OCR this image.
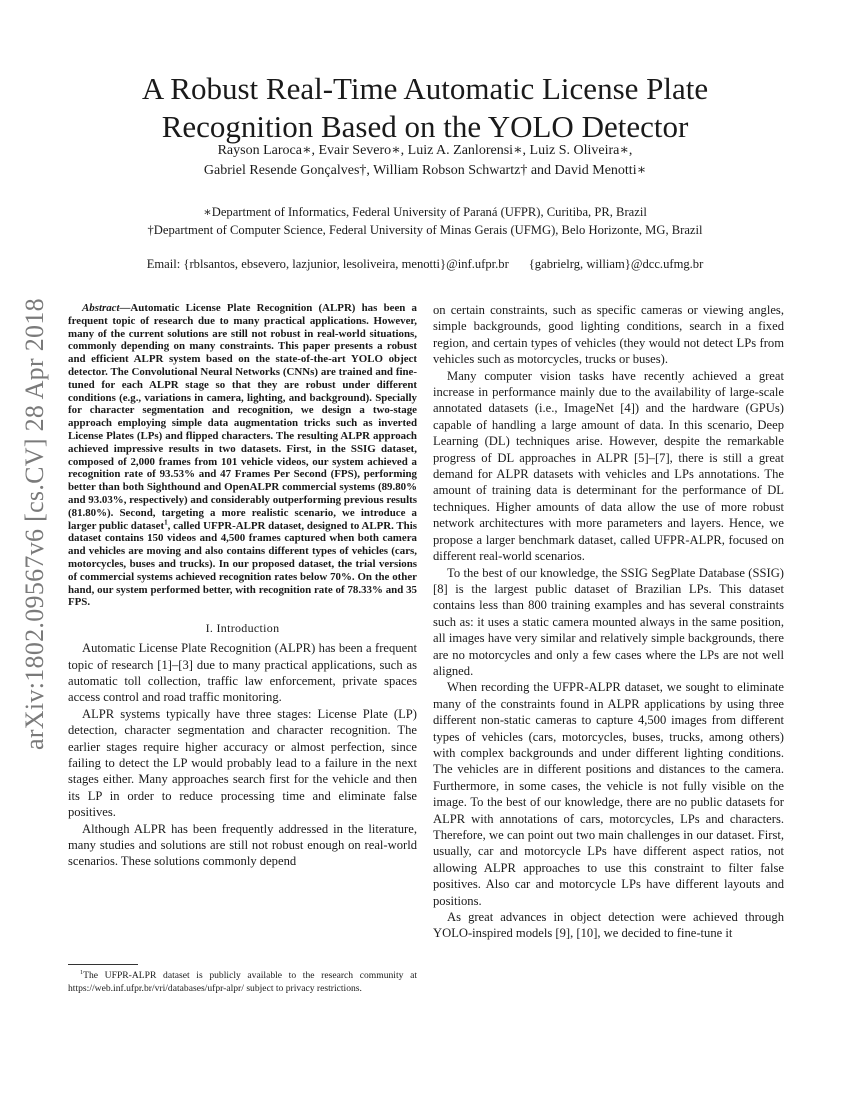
A Robust Real-Time Automatic License Plate
Recognition Based on the YOLO Detector
Rayson Laroca∗, Evair Severo∗, Luiz A. Zanlorensi∗, Luiz S. Oliveira∗,
Gabriel Resende Gonçalves†, William Robson Schwartz† and David Menotti∗
∗Department of Informatics, Federal University of Paraná (UFPR), Curitiba, PR, Brazil
†Department of Computer Science, Federal University of Minas Gerais (UFMG), Belo Horizonte, MG, Brazil
Email: {rblsantos, ebsevero, lazjunior, lesoliveira, menotti}@inf.ufpr.br {gabrielrg, william}@dcc.ufmg.br
arXiv:1802.09567v6 [cs.CV] 28 Apr 2018	Abstract—Automatic License Plate Recognition (ALPR) has been a frequent topic of research due to many practical applications. However, many of the current solutions are still not robust in real-world situations, commonly depending on many constraints. This paper presents a robust and efficient ALPR system based on the state-of-the-art YOLO object detector. The Convolutional Neural Networks (CNNs) are trained and fine-tuned for each ALPR stage so that they are robust under different conditions (e.g., variations in camera, lighting, and background). Specially for character segmentation and recognition, we design a two-stage approach employing simple data augmentation tricks such as inverted License Plates (LPs) and flipped characters. The resulting ALPR approach achieved impressive results in two datasets. First, in the SSIG dataset, composed of 2,000 frames from 101 vehicle videos, our system achieved a recognition rate of 93.53% and 47 Frames Per Second (FPS), performing better than both Sighthound and OpenALPR commercial systems (89.80% and 93.03%, respectively) and considerably outperforming previous results (81.80%). Second, targeting a more realistic scenario, we introduce a larger public dataset$^1$, called UFPR-ALPR dataset, designed to ALPR. This dataset contains 150 videos and 4,500 frames captured when both camera and vehicles are moving and also contains different types of vehicles (cars, motorcycles, buses and trucks). In our proposed dataset, the trial versions of commercial systems achieved recognition rates below 70%. On the other hand, our system performed better, with recognition rate of 78.33% and 35 FPS.

I. Introduction

Automatic License Plate Recognition (ALPR) has been a frequent topic of research [1]–[3] due to many practical applications, such as automatic toll collection, traffic law enforcement, private spaces access control and road traffic monitoring.

ALPR systems typically have three stages: License Plate (LP) detection, character segmentation and character recognition. The earlier stages require higher accuracy or almost perfection, since failing to detect the LP would probably lead to a failure in the next stages either. Many approaches search first for the vehicle and then its LP in order to reduce processing time and eliminate false positives.

Although ALPR has been frequently addressed in the literature, many studies and solutions are still not robust enough on real-world scenarios. These solutions commonly depend

$^1$The UFPR-ALPR dataset is publicly available to the research community at https://web.inf.ufpr.br/vri/databases/ufpr-alpr/ subject to privacy restrictions.

on certain constraints, such as specific cameras or viewing angles, simple backgrounds, good lighting conditions, search in a fixed region, and certain types of vehicles (they would not detect LPs from vehicles such as motorcycles, trucks or buses).

Many computer vision tasks have recently achieved a great increase in performance mainly due to the availability of large-scale annotated datasets (i.e., ImageNet [4]) and the hardware (GPUs) capable of handling a large amount of data. In this scenario, Deep Learning (DL) techniques arise. However, despite the remarkable progress of DL approaches in ALPR [5]–[7], there is still a great demand for ALPR datasets with vehicles and LPs annotations. The amount of training data is determinant for the performance of DL techniques. Higher amounts of data allow the use of more robust network architectures with more parameters and layers. Hence, we propose a larger benchmark dataset, called UFPR-ALPR, focused on different real-world scenarios.

To the best of our knowledge, the SSIG SegPlate Database (SSIG) [8] is the largest public dataset of Brazilian LPs. This dataset contains less than 800 training examples and has several constraints such as: it uses a static camera mounted always in the same position, all images have very similar and relatively simple backgrounds, there are no motorcycles and only a few cases where the LPs are not well aligned.

When recording the UFPR-ALPR dataset, we sought to eliminate many of the constraints found in ALPR applications by using three different non-static cameras to capture 4,500 images from different types of vehicles (cars, motorcycles, buses, trucks, among others) with complex backgrounds and under different lighting conditions. The vehicles are in different positions and distances to the camera. Furthermore, in some cases, the vehicle is not fully visible on the image. To the best of our knowledge, there are no public datasets for ALPR with annotations of cars, motorcycles, LPs and characters. Therefore, we can point out two main challenges in our dataset. First, usually, car and motorcycle LPs have different aspect ratios, not allowing ALPR approaches to use this constraint to filter false positives. Also car and motorcycle LPs have different layouts and positions.

As great advances in object detection were achieved through YOLO-inspired models [9], [10], we decided to fine-tune it
